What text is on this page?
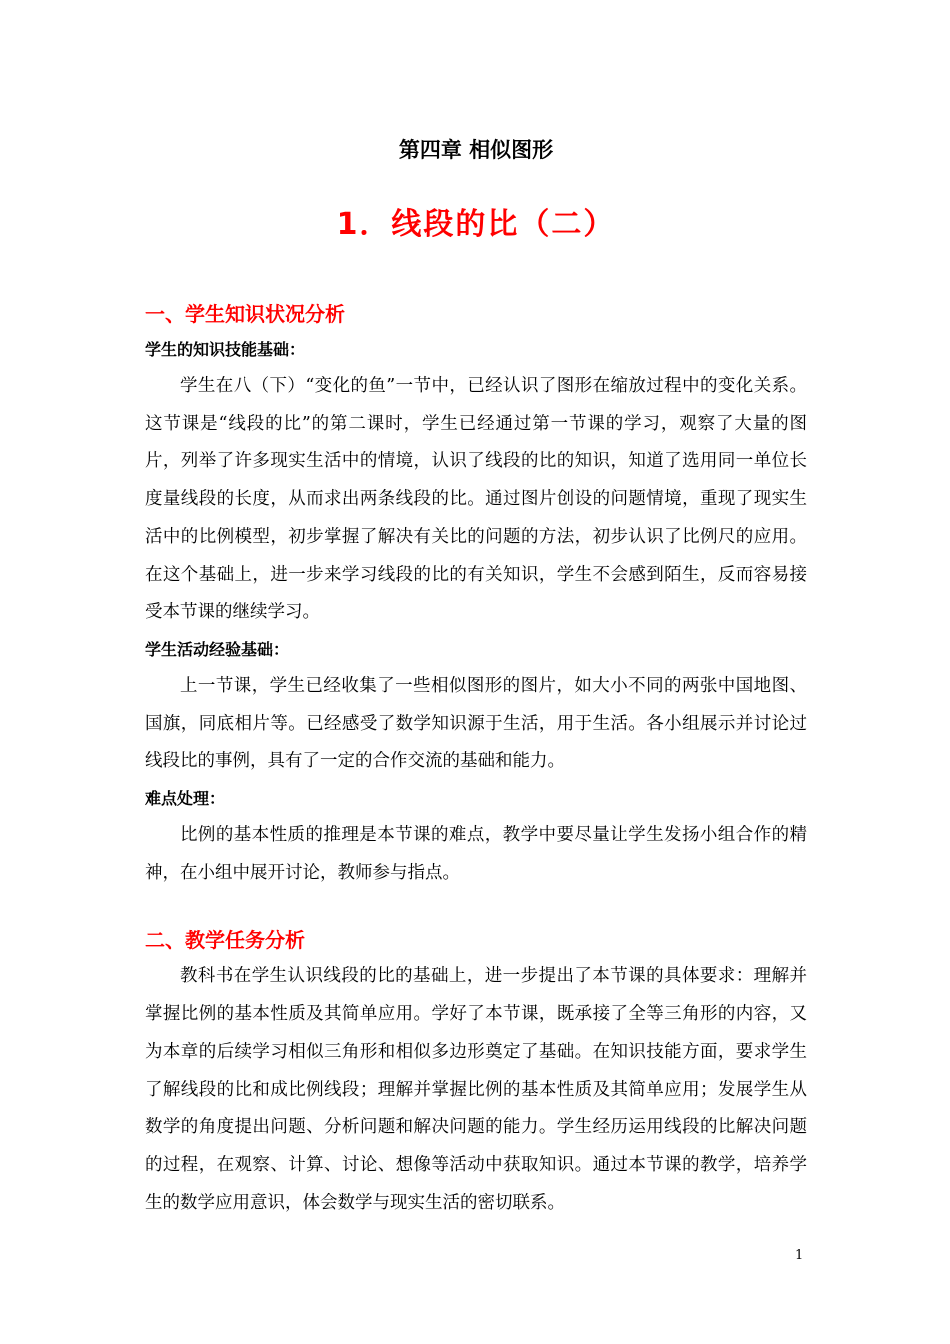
第四章 相似图形
1．线段的比（二）
一、学生知识状况分析
学生的知识技能基础：

学生在八（下）“变化的鱼”一节中，已经认识了图形在缩放过程中的变化关系。这节课是“线段的比”的第二课时，学生已经通过第一节课的学习，观察了大量的图片，列举了许多现实生活中的情境，认识了线段的比的知识，知道了选用同一单位长度量线段的长度，从而求出两条线段的比。通过图片创设的问题情境，重现了现实生活中的比例模型，初步掌握了解决有关比的问题的方法，初步认识了比例尺的应用。在这个基础上，进一步来学习线段的比的有关知识，学生不会感到陌生，反而容易接受本节课的继续学习。

学生活动经验基础：

上一节课，学生已经收集了一些相似图形的图片，如大小不同的两张中国地图、国旗，同底相片等。已经感受了数学知识源于生活，用于生活。各小组展示并讨论过线段比的事例，具有了一定的合作交流的基础和能力。

难点处理：

比例的基本性质的推理是本节课的难点，教学中要尽量让学生发扬小组合作的精神，在小组中展开讨论，教师参与指点。

二、教学任务分析

教科书在学生认识线段的比的基础上，进一步提出了本节课的具体要求：理解并掌握比例的基本性质及其简单应用。学好了本节课，既承接了全等三角形的内容，又为本章的后续学习相似三角形和相似多边形奠定了基础。在知识技能方面，要求学生了解线段的比和成比例线段；理解并掌握比例的基本性质及其简单应用；发展学生从数学的角度提出问题、分析问题和解决问题的能力。学生经历运用线段的比解决问题的过程，在观察、计算、讨论、想像等活动中获取知识。通过本节课的教学，培养学生的数学应用意识，体会数学与现实生活的密切联系。

1
